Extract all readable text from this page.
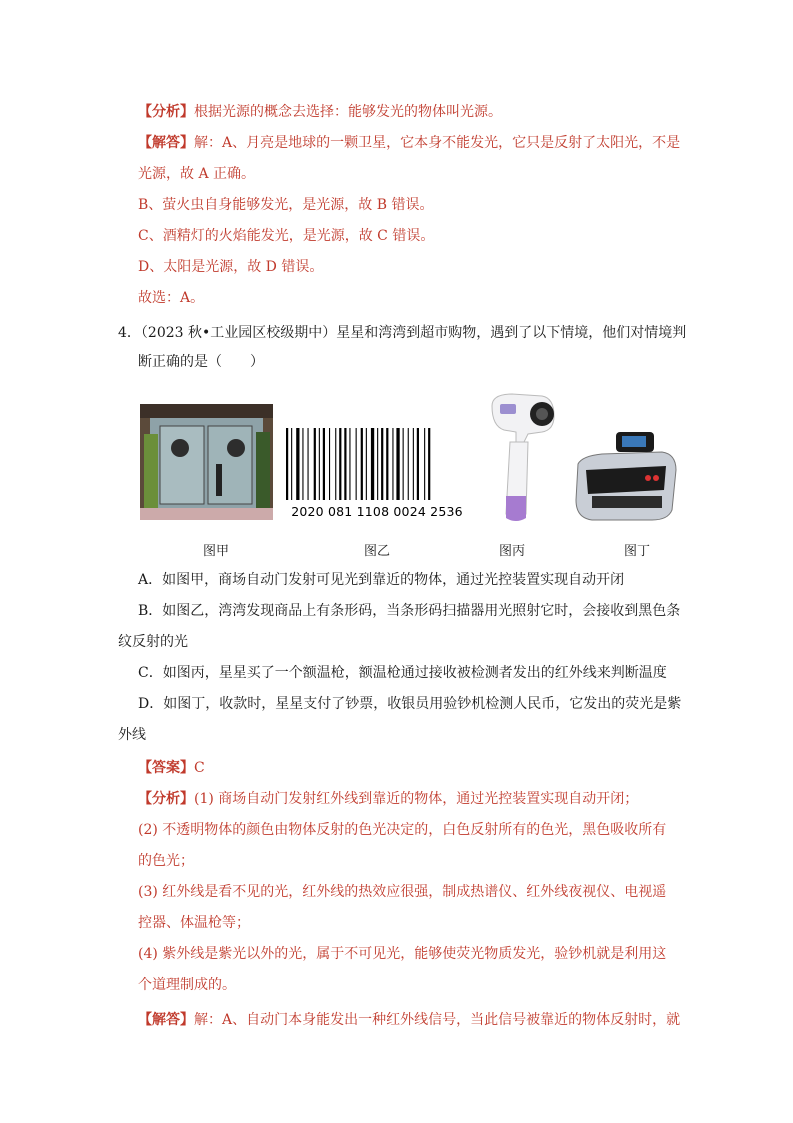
【分析】根据光源的概念去选择：能够发光的物体叫光源。
【解答】解：A、月亮是地球的一颗卫星，它本身不能发光，它只是反射了太阳光，不是
光源，故 A 正确。
B、萤火虫自身能够发光，是光源，故 B 错误。
C、酒精灯的火焰能发光，是光源，故 C 错误。
D、太阳是光源，故 D 错误。
故选：A。
4．（2023 秋•工业园区校级期中）星星和湾湾到超市购物，遇到了以下情境，他们对情境判
断正确的是（　　）
2020 081 1108 0024 2536
图甲	图乙	图丙	图丁
A．如图甲，商场自动门发射可见光到靠近的物体，通过光控装置实现自动开闭
B．如图乙，湾湾发现商品上有条形码，当条形码扫描器用光照射它时，会接收到黑色条
纹反射的光
C．如图丙，星星买了一个额温枪，额温枪通过接收被检测者发出的红外线来判断温度
D．如图丁，收款时，星星支付了钞票，收银员用验钞机检测人民币，它发出的荧光是紫
外线
【答案】C
【分析】(1) 商场自动门发射红外线到靠近的物体，通过光控装置实现自动开闭；
(2) 不透明物体的颜色由物体反射的色光决定的，白色反射所有的色光，黑色吸收所有
的色光；
(3) 红外线是看不见的光，红外线的热效应很强，制成热谱仪、红外线夜视仪、电视遥
控器、体温枪等；
(4) 紫外线是紫光以外的光，属于不可见光，能够使荧光物质发光，验钞机就是利用这
个道理制成的。
【解答】解：A、自动门本身能发出一种红外线信号，当此信号被靠近的物体反射时，就
